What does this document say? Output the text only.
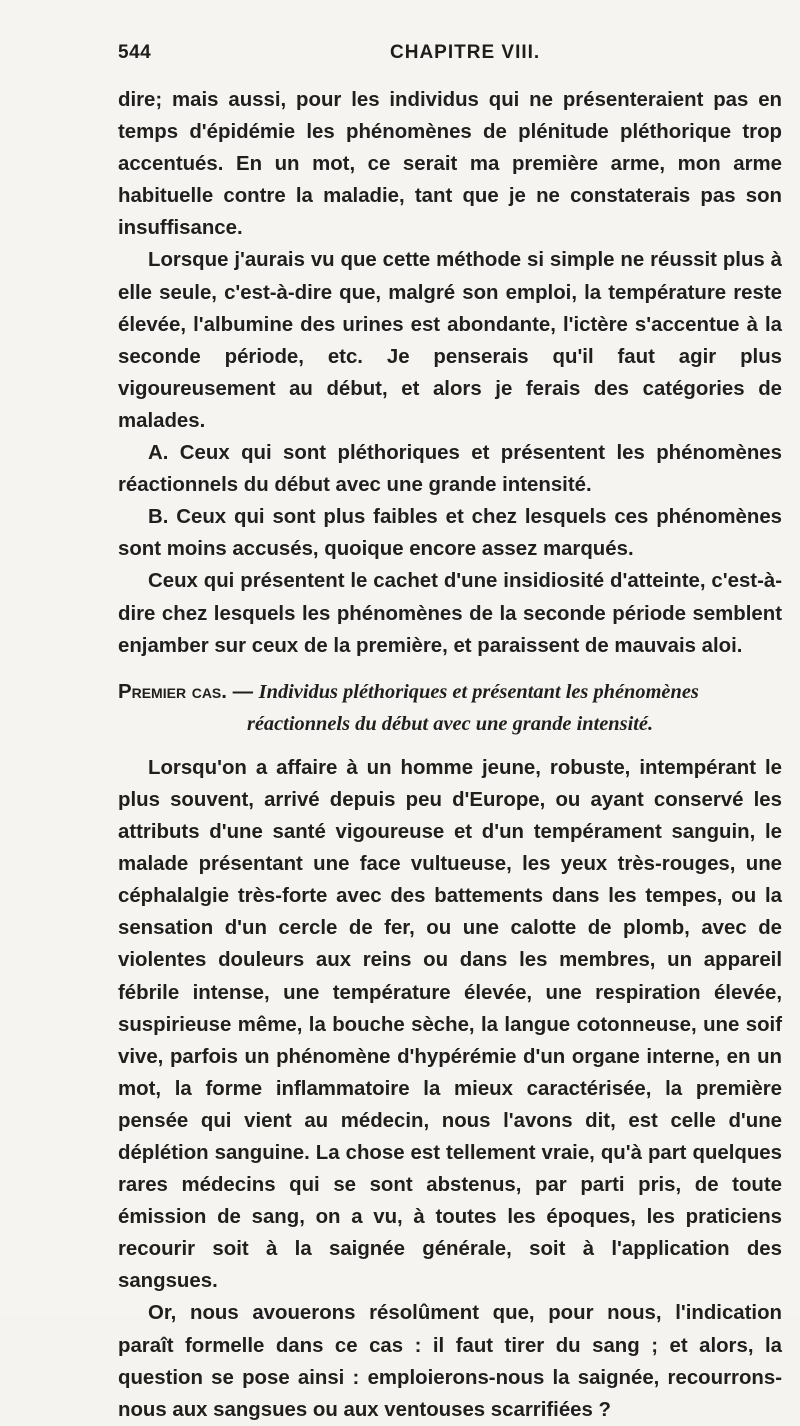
544	CHAPITRE VIII.

dire; mais aussi, pour les individus qui ne présenteraient pas en temps d'épidémie les phénomènes de plénitude pléthorique trop accentués. En un mot, ce serait ma première arme, mon arme habituelle contre la maladie, tant que je ne constaterais pas son insuffisance.

Lorsque j'aurais vu que cette méthode si simple ne réussit plus à elle seule, c'est-à-dire que, malgré son emploi, la température reste élevée, l'albumine des urines est abondante, l'ictère s'accentue à la seconde période, etc. Je penserais qu'il faut agir plus vigoureusement au début, et alors je ferais des catégories de malades.

A. Ceux qui sont pléthoriques et présentent les phénomènes réactionnels du début avec une grande intensité.

B. Ceux qui sont plus faibles et chez lesquels ces phénomènes sont moins accusés, quoique encore assez marqués.

Ceux qui présentent le cachet d'une insidiosité d'atteinte, c'est-à-dire chez lesquels les phénomènes de la seconde période semblent enjamber sur ceux de la première, et paraissent de mauvais aloi.

Premier cas. — Individus pléthoriques et présentant les phénomènes
réactionnels du début avec une grande intensité.

Lorsqu'on a affaire à un homme jeune, robuste, intempérant le plus souvent, arrivé depuis peu d'Europe, ou ayant conservé les attributs d'une santé vigoureuse et d'un tempérament sanguin, le malade présentant une face vultueuse, les yeux très-rouges, une céphalalgie très-forte avec des battements dans les tempes, ou la sensation d'un cercle de fer, ou une calotte de plomb, avec de violentes douleurs aux reins ou dans les membres, un appareil fébrile intense, une température élevée, une respiration élevée, suspirieuse même, la bouche sèche, la langue cotonneuse, une soif vive, parfois un phénomène d'hypérémie d'un organe interne, en un mot, la forme inflammatoire la mieux caractérisée, la première pensée qui vient au médecin, nous l'avons dit, est celle d'une déplétion sanguine. La chose est tellement vraie, qu'à part quelques rares médecins qui se sont abstenus, par parti pris, de toute émission de sang, on a vu, à toutes les époques, les praticiens recourir soit à la saignée générale, soit à l'application des sangsues.

Or, nous avouerons résolûment que, pour nous, l'indication paraît formelle dans ce cas : il faut tirer du sang ; et alors, la question se pose ainsi : emploierons-nous la saignée, recourrons-nous aux sangsues ou aux ventouses scarrifiées ?
